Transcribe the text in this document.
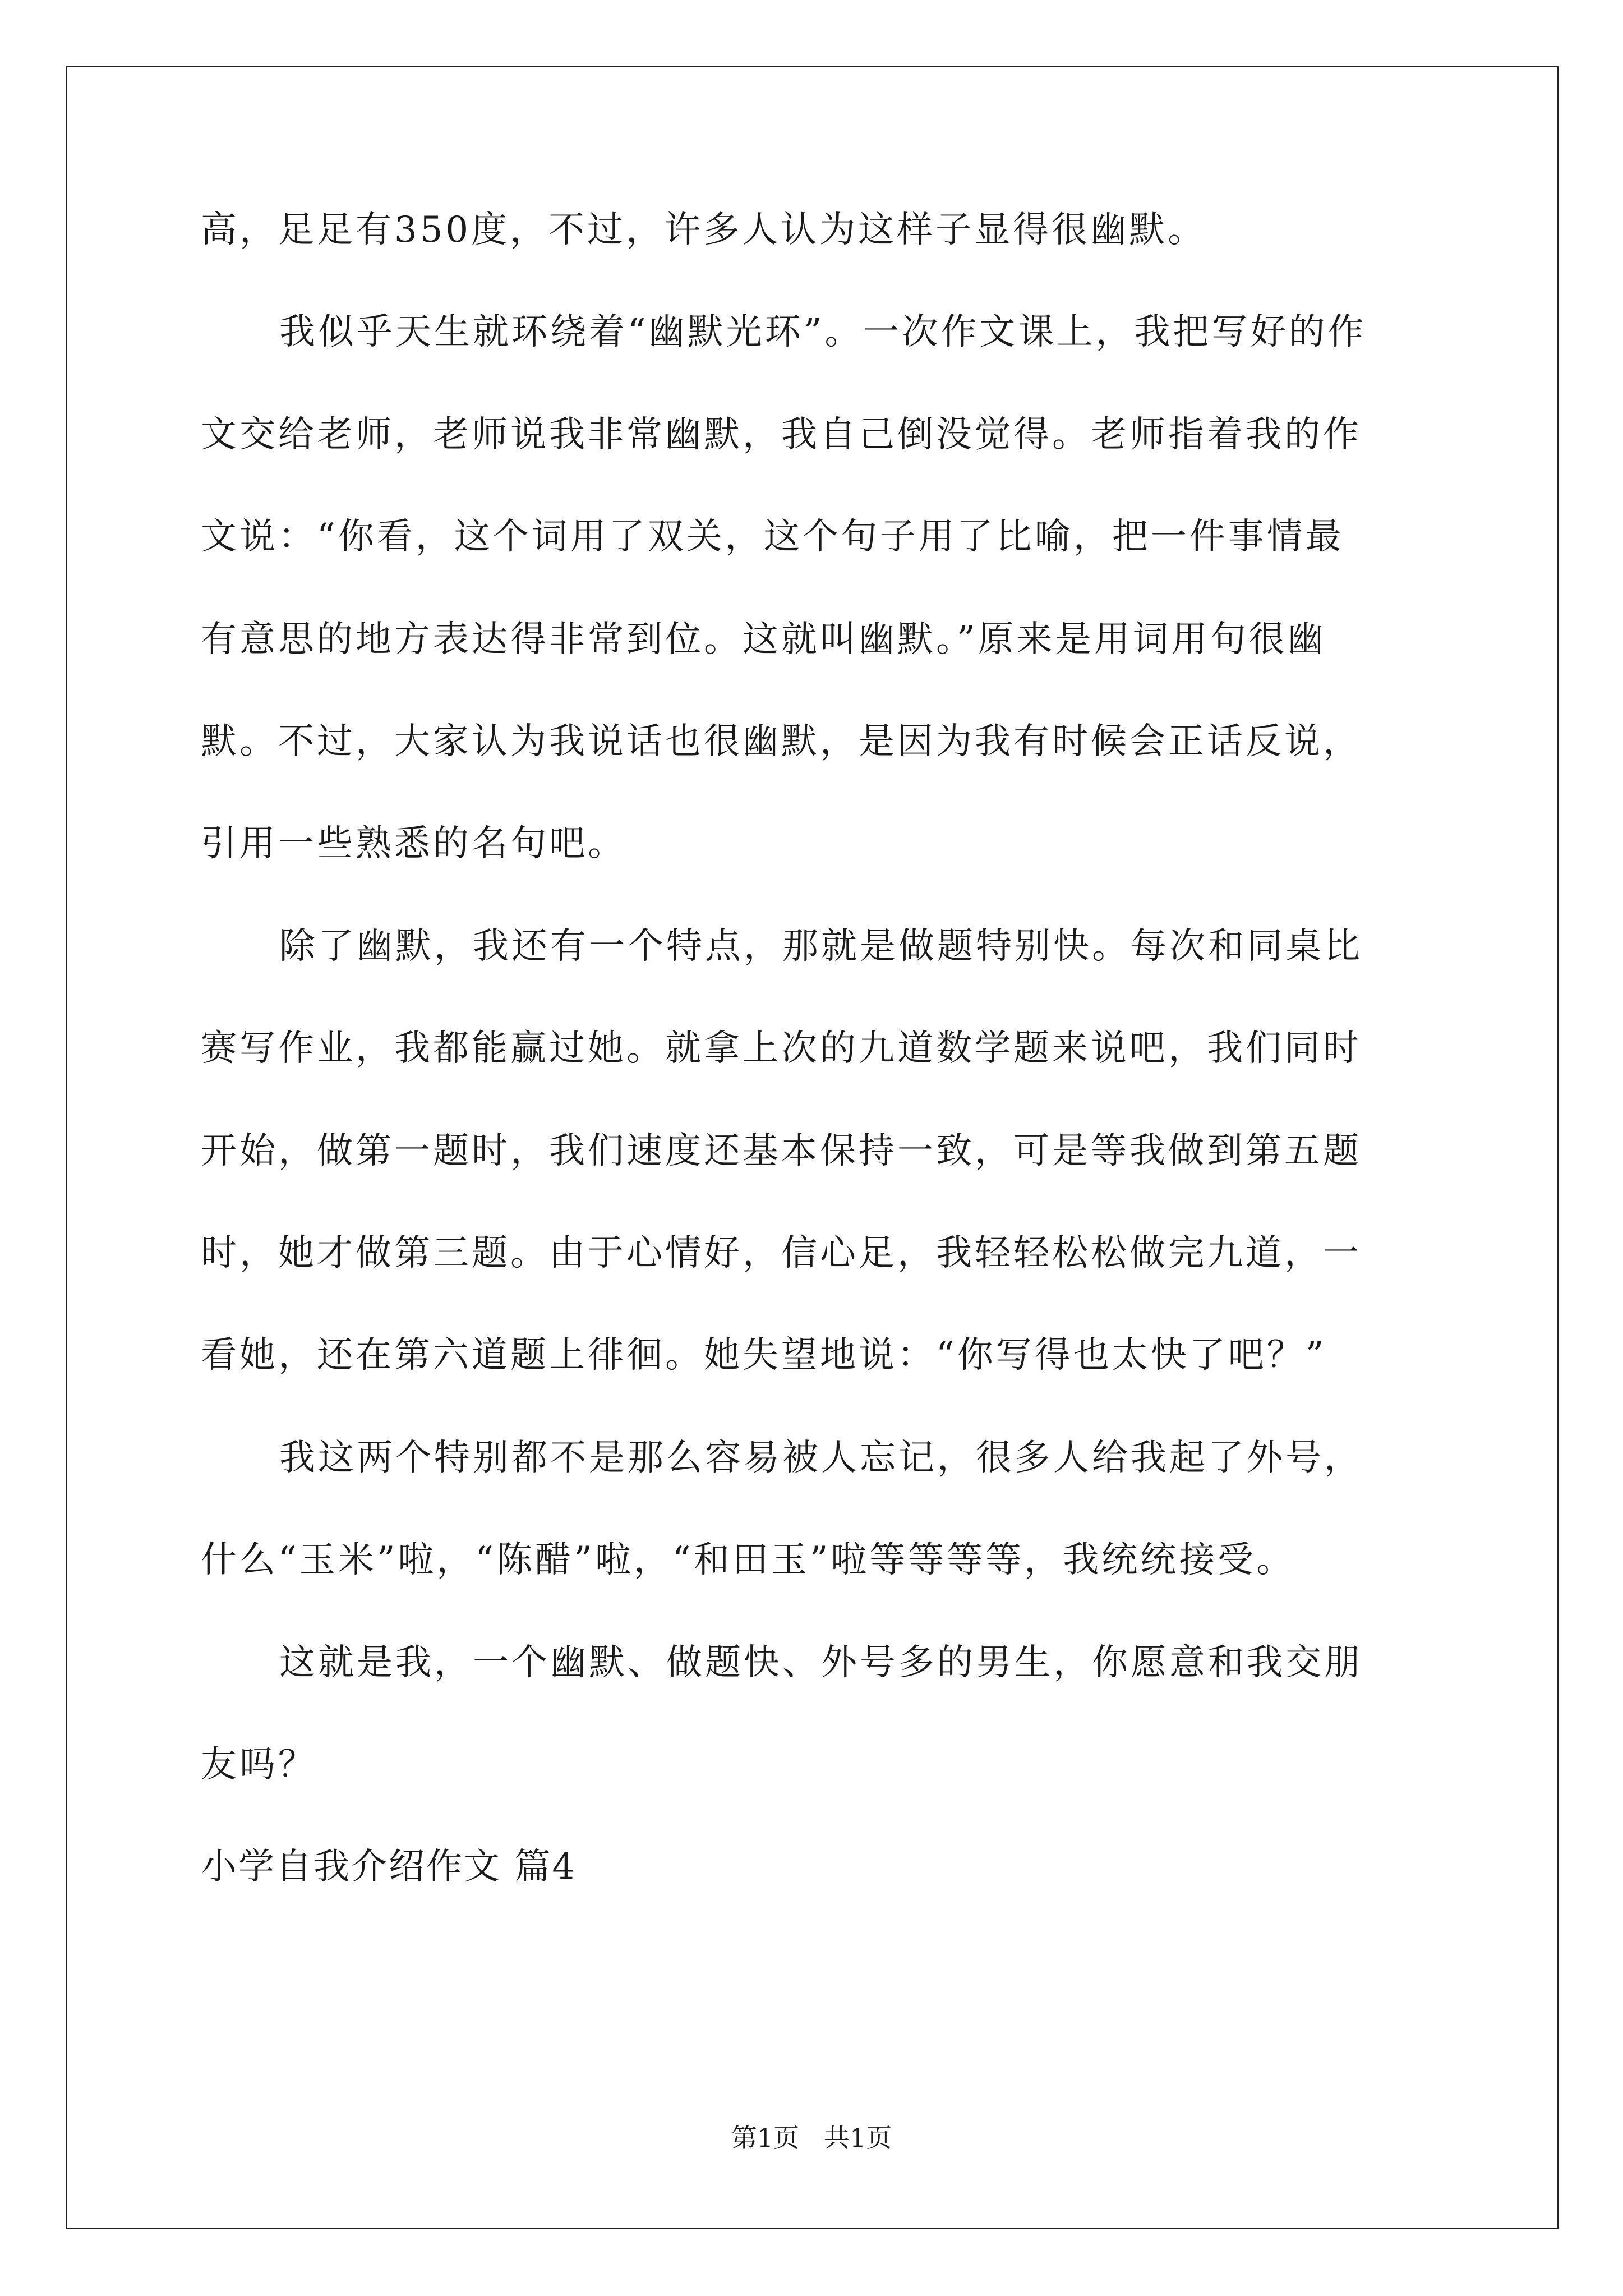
高，足足有350度，不过，许多人认为这样子显得很幽默。
我似乎天生就环绕着“幽默光环”。一次作文课上，我把写好的作
文交给老师，老师说我非常幽默，我自己倒没觉得。老师指着我的作
文说：“你看，这个词用了双关，这个句子用了比喻，把一件事情最
有意思的地方表达得非常到位。这就叫幽默。”原来是用词用句很幽
默。不过，大家认为我说话也很幽默，是因为我有时候会正话反说，
引用一些熟悉的名句吧。
除了幽默，我还有一个特点，那就是做题特别快。每次和同桌比
赛写作业，我都能赢过她。就拿上次的九道数学题来说吧，我们同时
开始，做第一题时，我们速度还基本保持一致，可是等我做到第五题
时，她才做第三题。由于心情好，信心足，我轻轻松松做完九道，一
看她，还在第六道题上徘徊。她失望地说：“你写得也太快了吧？”
我这两个特别都不是那么容易被人忘记，很多人给我起了外号，
什么“玉米”啦，“陈醋”啦，“和田玉”啦等等等等，我统统接受。
这就是我，一个幽默、做题快、外号多的男生，你愿意和我交朋
友吗？
小学自我介绍作文 篇4
第1页 共1页
